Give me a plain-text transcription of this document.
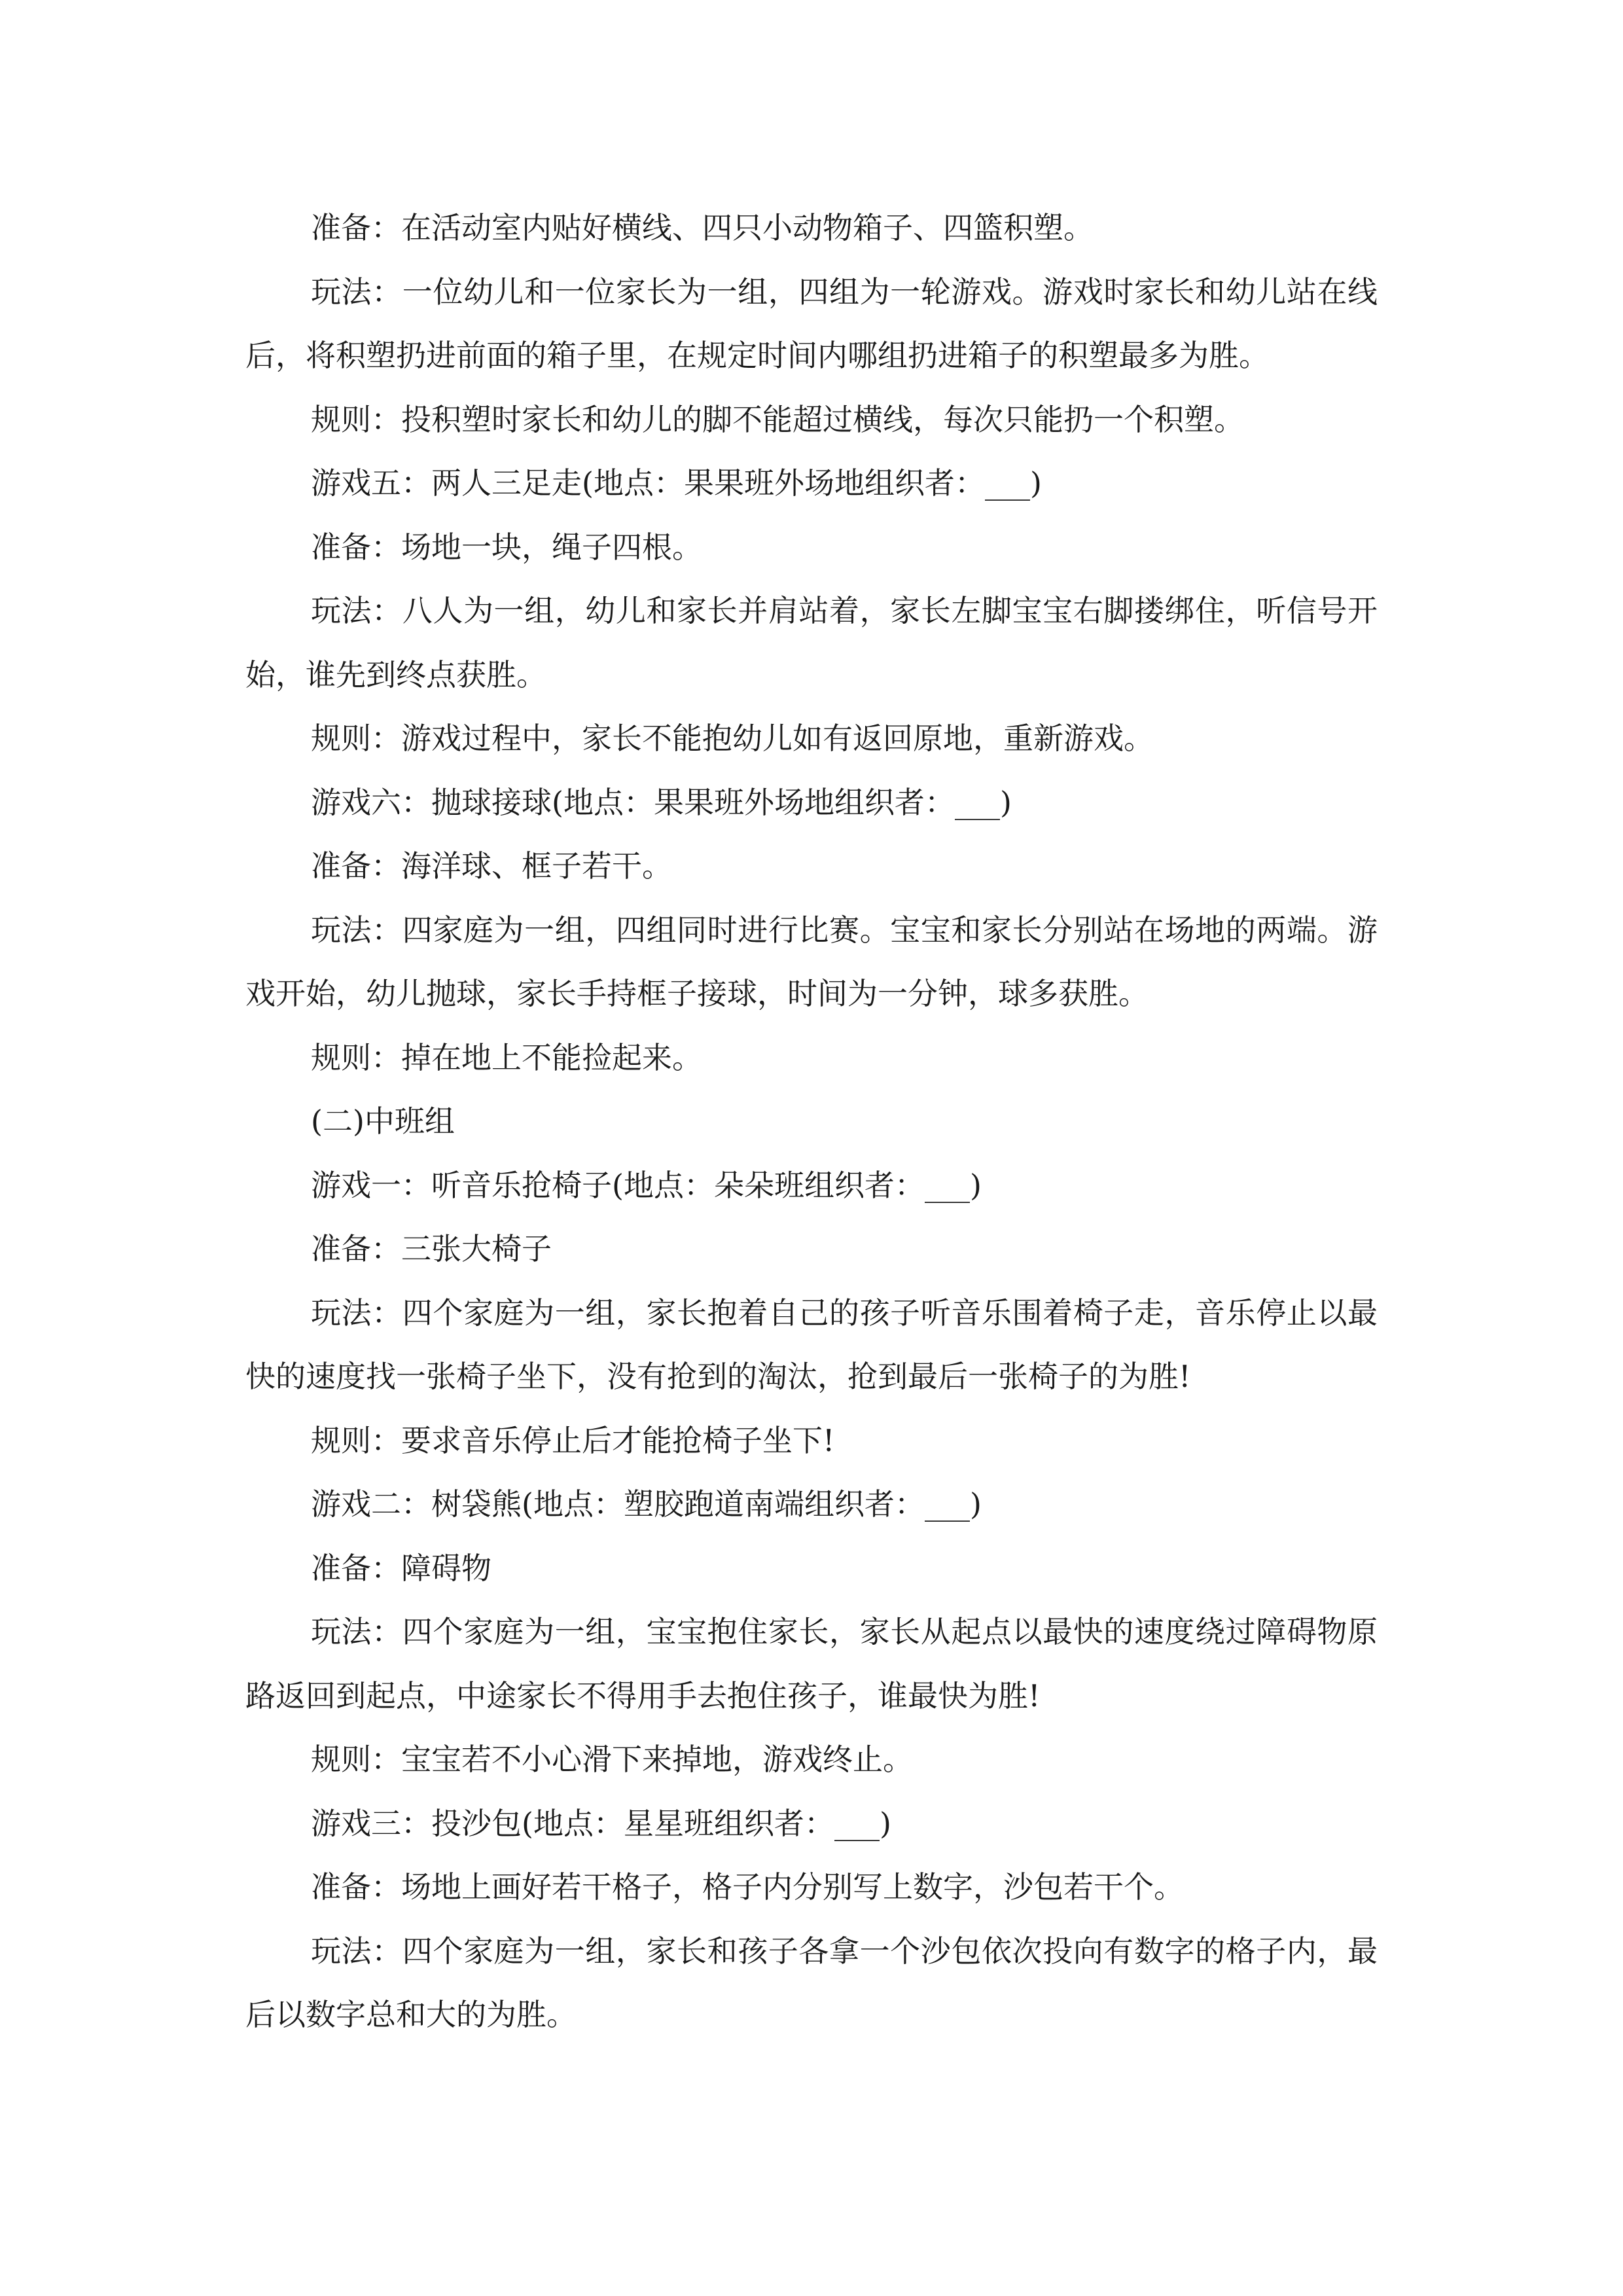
准备：在活动室内贴好横线、四只小动物箱子、四篮积塑。

玩法：一位幼儿和一位家长为一组，四组为一轮游戏。游戏时家长和幼儿站在线后，将积塑扔进前面的箱子里，在规定时间内哪组扔进箱子的积塑最多为胜。

规则：投积塑时家长和幼儿的脚不能超过横线，每次只能扔一个积塑。

游戏五：两人三足走(地点：果果班外场地组织者：___)

准备：场地一块，绳子四根。

玩法：八人为一组，幼儿和家长并肩站着，家长左脚宝宝右脚搂绑住，听信号开始，谁先到终点获胜。

规则：游戏过程中，家长不能抱幼儿如有返回原地，重新游戏。

游戏六：抛球接球(地点：果果班外场地组织者：___)

准备：海洋球、框子若干。

玩法：四家庭为一组，四组同时进行比赛。宝宝和家长分别站在场地的两端。游戏开始，幼儿抛球，家长手持框子接球，时间为一分钟，球多获胜。

规则：掉在地上不能捡起来。

(二)中班组

游戏一：听音乐抢椅子(地点：朵朵班组织者：___)

准备：三张大椅子

玩法：四个家庭为一组，家长抱着自己的孩子听音乐围着椅子走，音乐停止以最快的速度找一张椅子坐下，没有抢到的淘汰，抢到最后一张椅子的为胜!

规则：要求音乐停止后才能抢椅子坐下!

游戏二：树袋熊(地点：塑胶跑道南端组织者：___)

准备：障碍物

玩法：四个家庭为一组，宝宝抱住家长，家长从起点以最快的速度绕过障碍物原路返回到起点，中途家长不得用手去抱住孩子，谁最快为胜!

规则：宝宝若不小心滑下来掉地，游戏终止。

游戏三：投沙包(地点：星星班组织者：___)

准备：场地上画好若干格子，格子内分别写上数字，沙包若干个。

玩法：四个家庭为一组，家长和孩子各拿一个沙包依次投向有数字的格子内，最后以数字总和大的为胜。
